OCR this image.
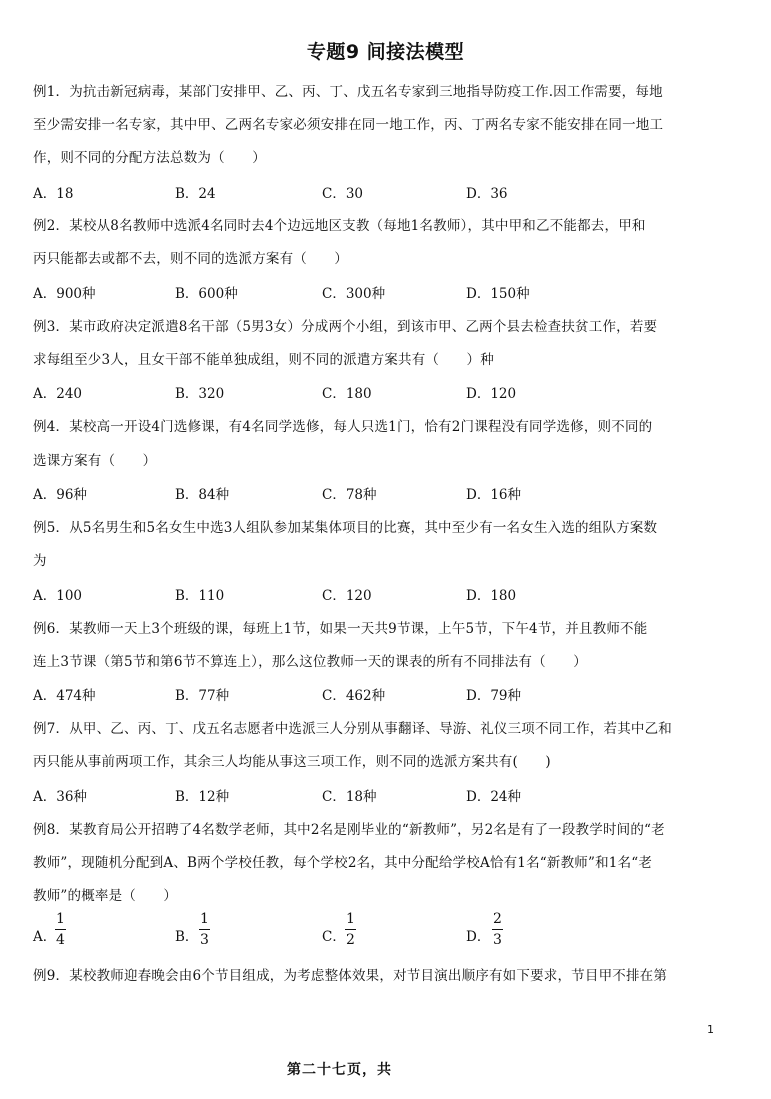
专题9 间接法模型
例1．为抗击新冠病毒，某部门安排甲、乙、丙、丁、戊五名专家到三地指导防疫工作.因工作需要，每地
至少需安排一名专家，其中甲、乙两名专家必须安排在同一地工作，丙、丁两名专家不能安排在同一地工
作，则不同的分配方法总数为（　　）
A．18	B．24	C．30	D．36
例2．某校从8名教师中选派4名同时去4个边远地区支教（每地1名教师），其中甲和乙不能都去，甲和
丙只能都去或都不去，则不同的选派方案有（　　）
A．900种	B．600种	C．300种	D．150种
例3．某市政府决定派遣8名干部（5男3女）分成两个小组，到该市甲、乙两个县去检查扶贫工作，若要
求每组至少3人，且女干部不能单独成组，则不同的派遣方案共有（　　）种
A．240	B．320	C．180	D．120
例4．某校高一开设4门选修课，有4名同学选修，每人只选1门，恰有2门课程没有同学选修，则不同的
选课方案有（　　）
A．96种	B．84种	C．78种	D．16种
例5．从5名男生和5名女生中选3人组队参加某集体项目的比赛，其中至少有一名女生入选的组队方案数
为
A．100	B．110	C．120	D．180
例6．某教师一天上3个班级的课，每班上1节，如果一天共9节课，上午5节，下午4节，并且教师不能
连上3节课（第5节和第6节不算连上），那么这位教师一天的课表的所有不同排法有（　　）
A．474种	B．77种	C．462种	D．79种
例7．从甲、乙、丙、丁、戊五名志愿者中选派三人分别从事翻译、导游、礼仪三项不同工作，若其中乙和
丙只能从事前两项工作，其余三人均能从事这三项工作，则不同的选派方案共有(　　)
A．36种	B．12种	C．18种	D．24种
例8．某教育局公开招聘了4名数学老师，其中2名是刚毕业的“新教师”，另2名是有了一段教学时间的“老
教师”，现随机分配到A、B两个学校任教，每个学校2名，其中分配给学校A恰有1名“新教师”和1名“老
教师”的概率是（　　）
A．
$\frac{1}{4}$	B． $\frac{1}{3}$	C． $\frac{1}{2}$	D． $\frac{2}{3}$
例9．某校教师迎春晚会由6个节目组成，为考虑整体效果，对节目演出顺序有如下要求，节目甲不排在第
1
第二十七页，共
